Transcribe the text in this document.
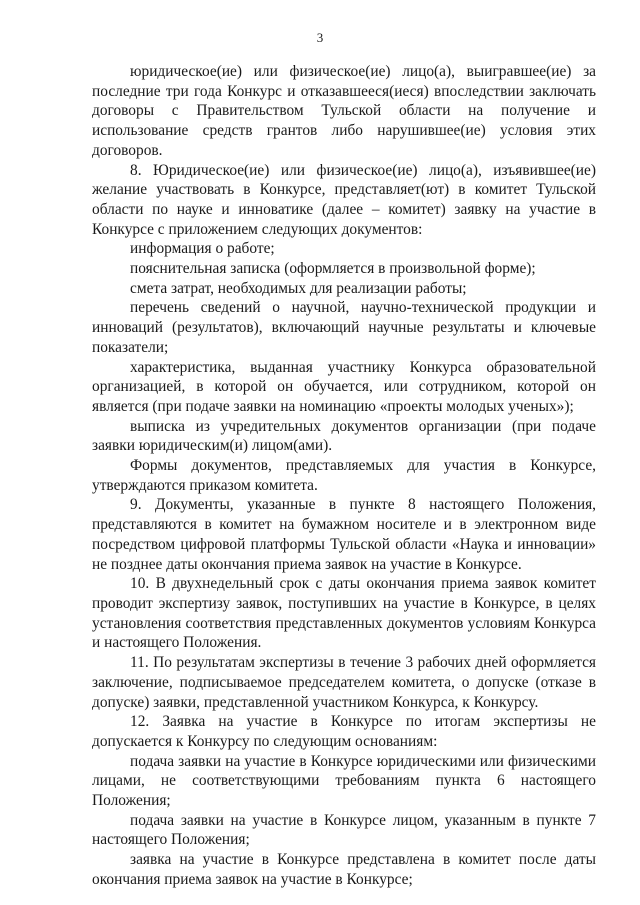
3

юридическое(ие) или физическое(ие) лицо(а), выигравшее(ие) за последние три года Конкурс и отказавшееся(иеся) впоследствии заключать договоры с Правительством Тульской области на получение и использование средств грантов либо нарушившее(ие) условия этих договоров.

8. Юридическое(ие) или физическое(ие) лицо(а), изъявившее(ие) желание участвовать в Конкурсе, представляет(ют) в комитет Тульской области по науке и инноватике (далее – комитет) заявку на участие в Конкурсе с приложением следующих документов:

информация о работе;

пояснительная записка (оформляется в произвольной форме);

смета затрат, необходимых для реализации работы;

перечень сведений о научной, научно-технической продукции и инноваций (результатов), включающий научные результаты и ключевые показатели;

характеристика, выданная участнику Конкурса образовательной организацией, в которой он обучается, или сотрудником, которой он является (при подаче заявки на номинацию «проекты молодых ученых»);

выписка из учредительных документов организации (при подаче заявки юридическим(и) лицом(ами).

Формы документов, представляемых для участия в Конкурсе, утверждаются приказом комитета.

9. Документы, указанные в пункте 8 настоящего Положения, представляются в комитет на бумажном носителе и в электронном виде посредством цифровой платформы Тульской области «Наука и инновации» не позднее даты окончания приема заявок на участие в Конкурсе.

10. В двухнедельный срок с даты окончания приема заявок комитет проводит экспертизу заявок, поступивших на участие в Конкурсе, в целях установления соответствия представленных документов условиям Конкурса и настоящего Положения.

11. По результатам экспертизы в течение 3 рабочих дней оформляется заключение, подписываемое председателем комитета, о допуске (отказе в допуске) заявки, представленной участником Конкурса, к Конкурсу.

12. Заявка на участие в Конкурсе по итогам экспертизы не допускается к Конкурсу по следующим основаниям:

подача заявки на участие в Конкурсе юридическими или физическими лицами, не соответствующими требованиям пункта 6 настоящего Положения;

подача заявки на участие в Конкурсе лицом, указанным в пункте 7 настоящего Положения;

заявка на участие в Конкурсе представлена в комитет после даты окончания приема заявок на участие в Конкурсе;
